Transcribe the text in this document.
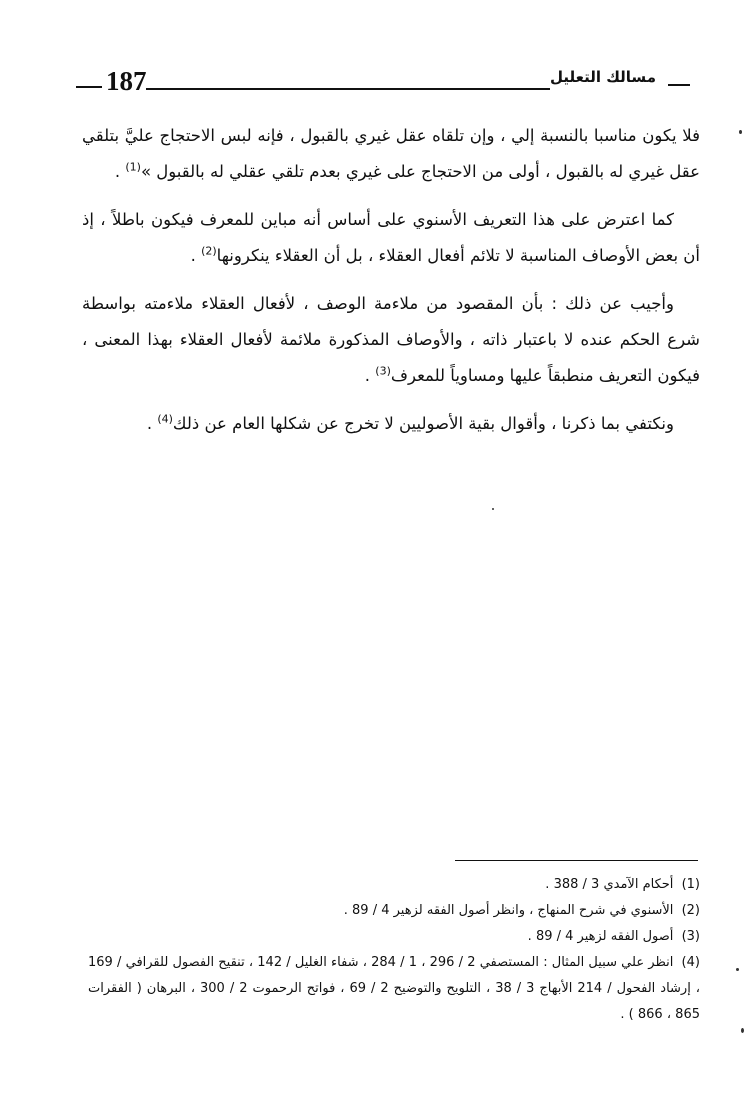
187	مسالك التعليل

فلا يكون مناسبا بالنسبة إلي ، وإن تلقاه عقل غيري بالقبول ، فإنه لبس الاحتجاج عليَّ بتلقي عقل غيري له بالقبول ، أولى من الاحتجاج على غيري بعدم تلقي عقلي له بالقبول »$^{(1)}$ .

كما اعترض على هذا التعريف الأسنوي على أساس أنه مباين للمعرف فيكون باطلاً ، إذ أن بعض الأوصاف المناسبة لا تلائم أفعال العقلاء ، بل أن العقلاء ينكرونها$^{(2)}$ .

وأجيب عن ذلك : بأن المقصود من ملاءمة الوصف ، لأفعال العقلاء ملاءمته بواسطة شرع الحكم عنده لا باعتبار ذاته ، والأوصاف المذكورة ملائمة لأفعال العقلاء بهذا المعنى ، فيكون التعريف منطبقاً عليها ومساوياً للمعرف$^{(3)}$ .

ونكتفي بما ذكرنا ، وأقوال بقية الأصوليين لا تخرج عن شكلها العام عن ذلك$^{(4)}$ .

(1) أحكام الآمدي 3 / 388 .

(2) الأسنوي في شرح المنهاج ، وانظر أصول الفقه لزهير 4 / 89 .

(3) أصول الفقه لزهير 4 / 89 .

(4) انظر علي سبيل المثال : المستصفي 2 / 296 ، 1 / 284 ، شفاء الغليل / 142 ، تنقيح الفصول للقرافي / 169 ، إرشاد الفحول / 214 الأبهاج 3 / 38 ، التلويح والتوضيح 2 / 69 ، فواتح الرحموت 2 / 300 ، البرهان ( الفقرات 865 ، 866 ) .
